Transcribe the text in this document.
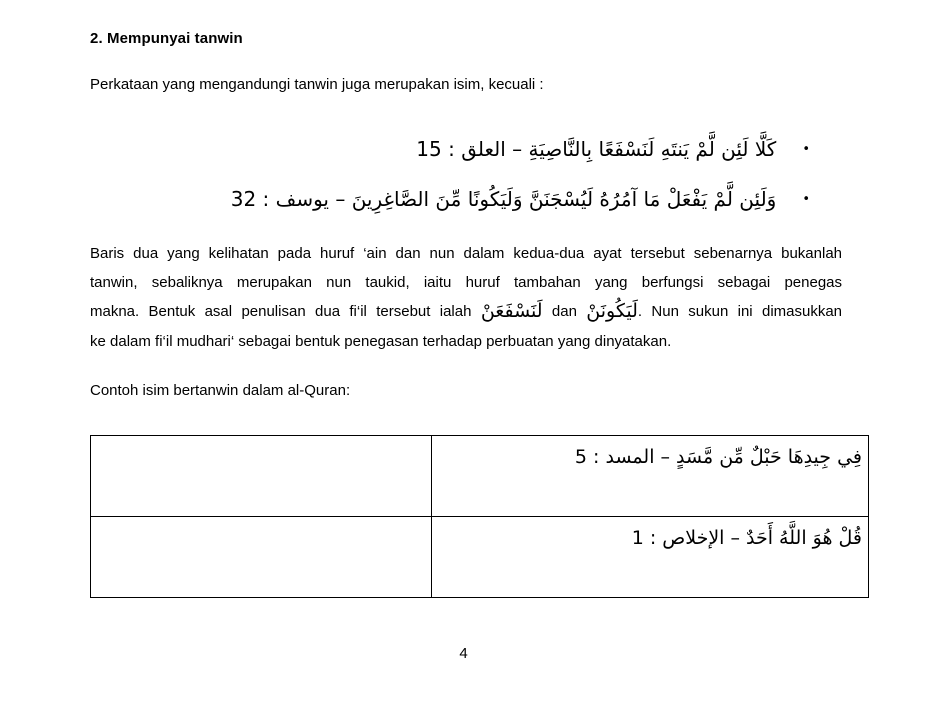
2. Mempunyai tanwin
Perkataan yang mengandungi tanwin juga merupakan isim, kecuali :
•كَلَّا لَئِن لَّمْ يَنتَهِ لَنَسْفَعًا بِالنَّاصِيَةِ – العلق : 15
•وَلَئِن لَّمْ يَفْعَلْ مَا آمُرُهُ لَيُسْجَنَنَّ وَلَيَكُونًا مِّنَ الصَّاغِرِينَ – يوسف : 32
Baris dua yang kelihatan pada huruf ‘ain dan nun dalam kedua-dua ayat tersebut sebenarnya bukanlah
tanwin, sebaliknya merupakan nun taukid, iaitu huruf tambahan yang berfungsi sebagai penegas
makna. Bentuk asal penulisan dua fi‘il tersebut ialah لَنَسْفَعَنْ dan لَيَكُونَنْ. Nun sukun ini dimasukkan
ke dalam fi‘il mudhari‘ sebagai bentuk penegasan terhadap perbuatan yang dinyatakan.
Contoh isim bertanwin dalam al-Quran:
	فِي جِيدِهَا حَبْلٌ مِّن مَّسَدٍ – المسد : 5
	قُلْ هُوَ اللَّهُ أَحَدٌ – الإخلاص : 1
4
